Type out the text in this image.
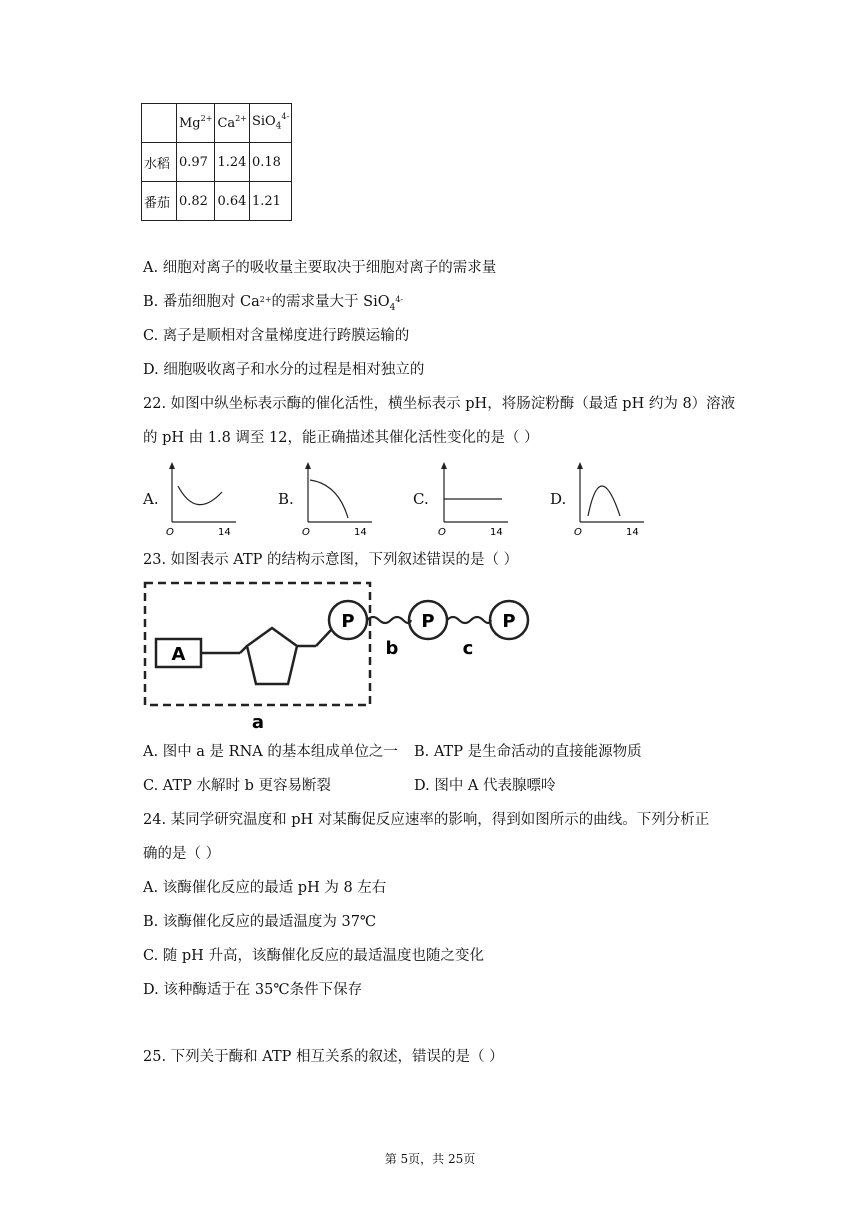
	$Mg^{2+}$	$Ca^{2+}$	SiO$_4^{4-}$
水稻	0.97	1.24	0.18
番茄	0.82	0.64	1.21
A. 细胞对离子的吸收量主要取决于细胞对离子的需求量
B. 番茄细胞对 $Ca^{2+}$的需求量大于 SiO$_4^{4-}$
C. 离子是顺相对含量梯度进行跨膜运输的
D. 细胞吸收离子和水分的过程是相对独立的
22. 如图中纵坐标表示酶的催化活性，横坐标表示 pH，将肠淀粉酶（最适 pH 约为 8）溶液
的 pH 由 1.8 调至 12，能正确描述其催化活性变化的是（ ）
A.
O	14
B.
O	14
C.
O	14
D.
O	14
23. 如图表示 ATP 的结构示意图，下列叙述错误的是（ ）
A
P	P	P
b	c
a
A. 图中 a 是 RNA 的基本组成单位之一 B. ATP 是生命活动的直接能源物质
C. ATP 水解时 b 更容易断裂	D. 图中 A 代表腺嘌呤
24. 某同学研究温度和 pH 对某酶促反应速率的影响，得到如图所示的曲线。下列分析正
确的是（ ）
A. 该酶催化反应的最适 pH 为 8 左右
B. 该酶催化反应的最适温度为 37℃
C. 随 pH 升高，该酶催化反应的最适温度也随之变化
D. 该种酶适于在 35℃条件下保存
25. 下列关于酶和 ATP 相互关系的叙述，错误的是（ ）
第 5页，共 25页
